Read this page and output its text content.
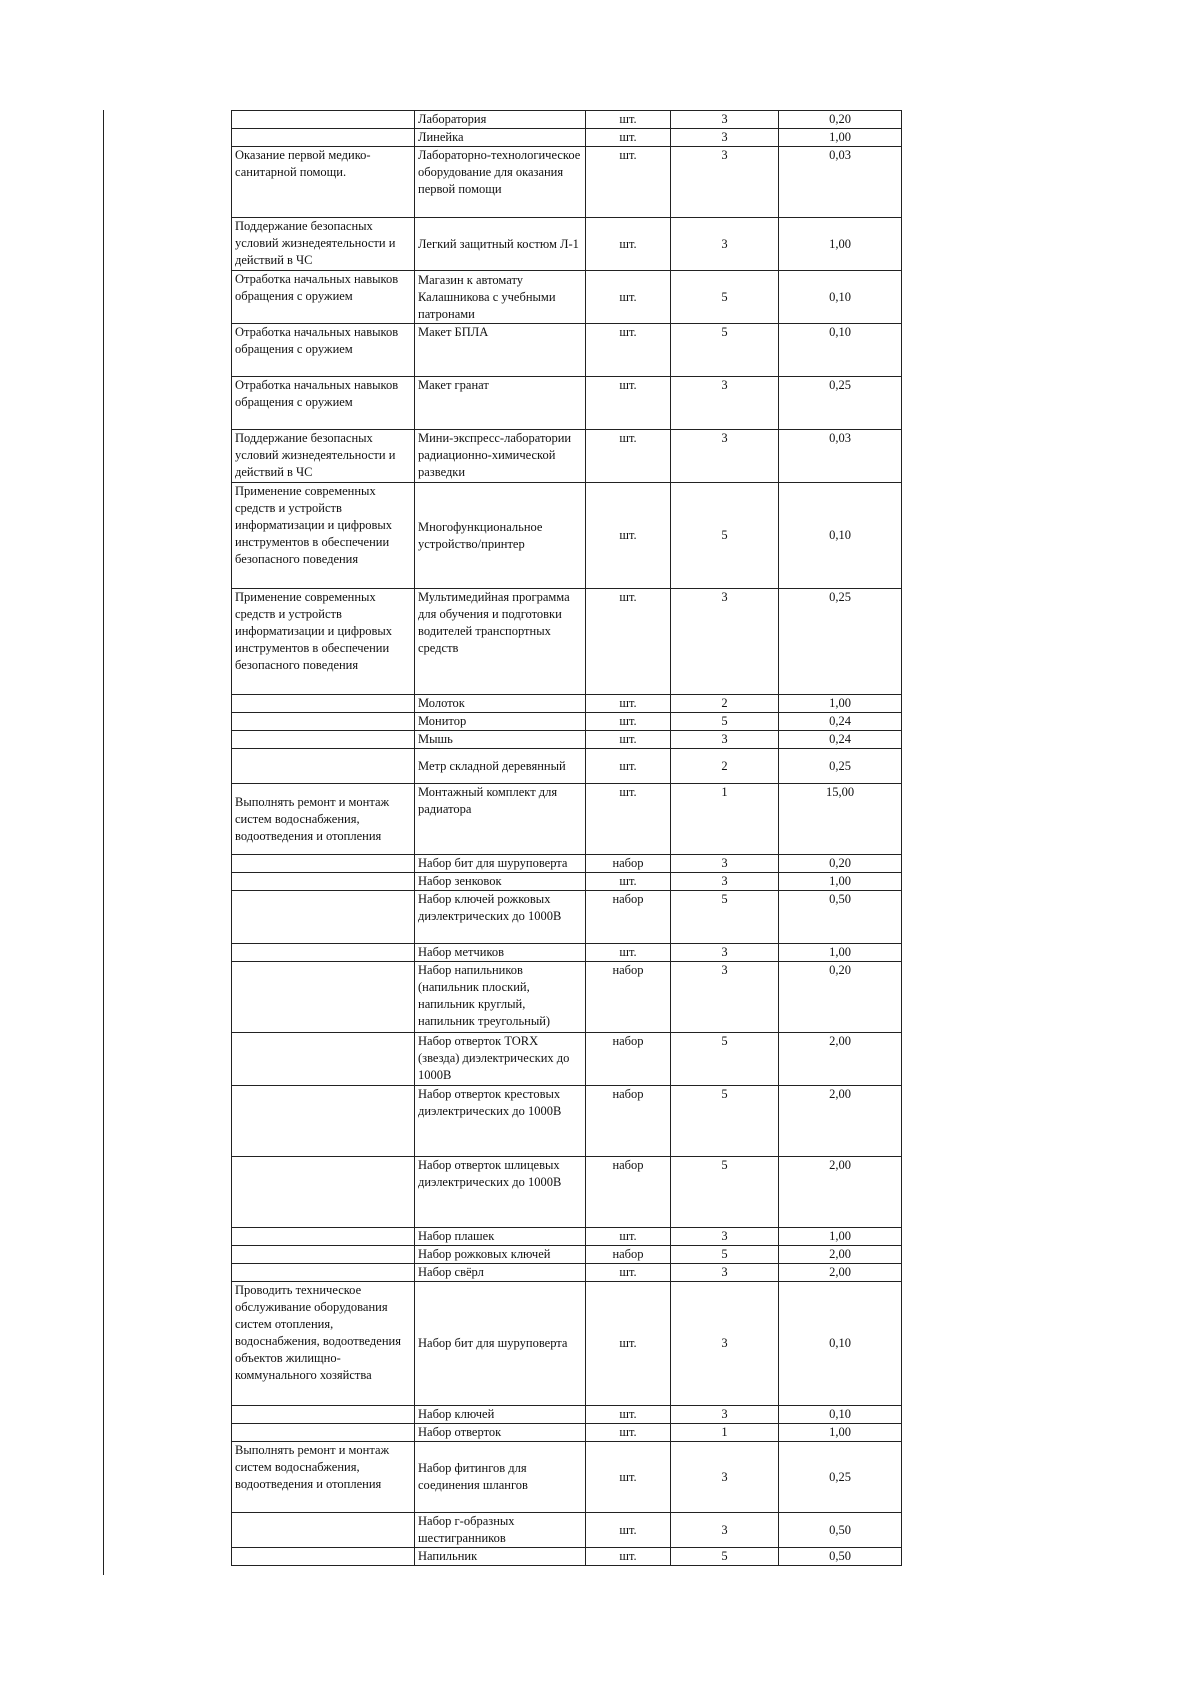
	Лаборатория	шт.	3	0,20
	Линейка	шт.	3	1,00
Оказание первой медико-санитарной помощи.	Лабораторно-технологическое оборудование для оказания первой помощи	шт.	3	0,03
Поддержание безопасных условий жизнедеятельности и действий в ЧС	Легкий защитный костюм Л-1	шт.	3	1,00
Отработка начальных навыков обращения с оружием	Магазин к автомату Калашникова с учебными патронами	шт.	5	0,10
Отработка начальных навыков обращения с оружием	Макет БПЛА	шт.	5	0,10
Отработка начальных навыков обращения с оружием	Макет гранат	шт.	3	0,25
Поддержание безопасных условий жизнедеятельности и действий в ЧС	Мини-экспресс-лаборатории радиационно-химической разведки	шт.	3	0,03
Применение современных средств и устройств информатизации и цифровых инструментов в обеспечении безопасного поведения	Многофункциональное устройство/принтер	шт.	5	0,10
Применение современных средств и устройств информатизации и цифровых инструментов в обеспечении безопасного поведения	Мультимедийная программа для обучения и подготовки водителей транспортных средств	шт.	3	0,25
	Молоток	шт.	2	1,00
	Монитор	шт.	5	0,24
	Мышь	шт.	3	0,24
	Метр складной деревянный	шт.	2	0,25
Выполнять ремонт и монтаж систем водоснабжения, водоотведения и отопления	Монтажный комплект для радиатора	шт.	1	15,00
	Набор бит для шуруповерта	набор	3	0,20
	Набор зенковок	шт.	3	1,00
	Набор ключей рожковых диэлектрических до 1000В	набор	5	0,50
	Набор метчиков	шт.	3	1,00
	Набор напильников (напильник плоский, напильник круглый, напильник треугольный)	набор	3	0,20
	Набор отверток TORX (звезда) диэлектрических до 1000В	набор	5	2,00
	Набор отверток крестовых диэлектрических до 1000В	набор	5	2,00
	Набор отверток шлицевых диэлектрических до 1000В	набор	5	2,00
	Набор плашек	шт.	3	1,00
	Набор рожковых ключей	набор	5	2,00
	Набор свёрл	шт.	3	2,00
Проводить техническое обслуживание оборудования систем отопления, водоснабжения, водоотведения объектов жилищно-коммунального хозяйства	Набор бит для шуруповерта	шт.	3	0,10
	Набор ключей	шт.	3	0,10
	Набор отверток	шт.	1	1,00
Выполнять ремонт и монтаж систем водоснабжения, водоотведения и отопления	Набор фитингов для соединения шлангов	шт.	3	0,25
	Набор г-образных шестигранников	шт.	3	0,50
	Напильник	шт.	5	0,50
